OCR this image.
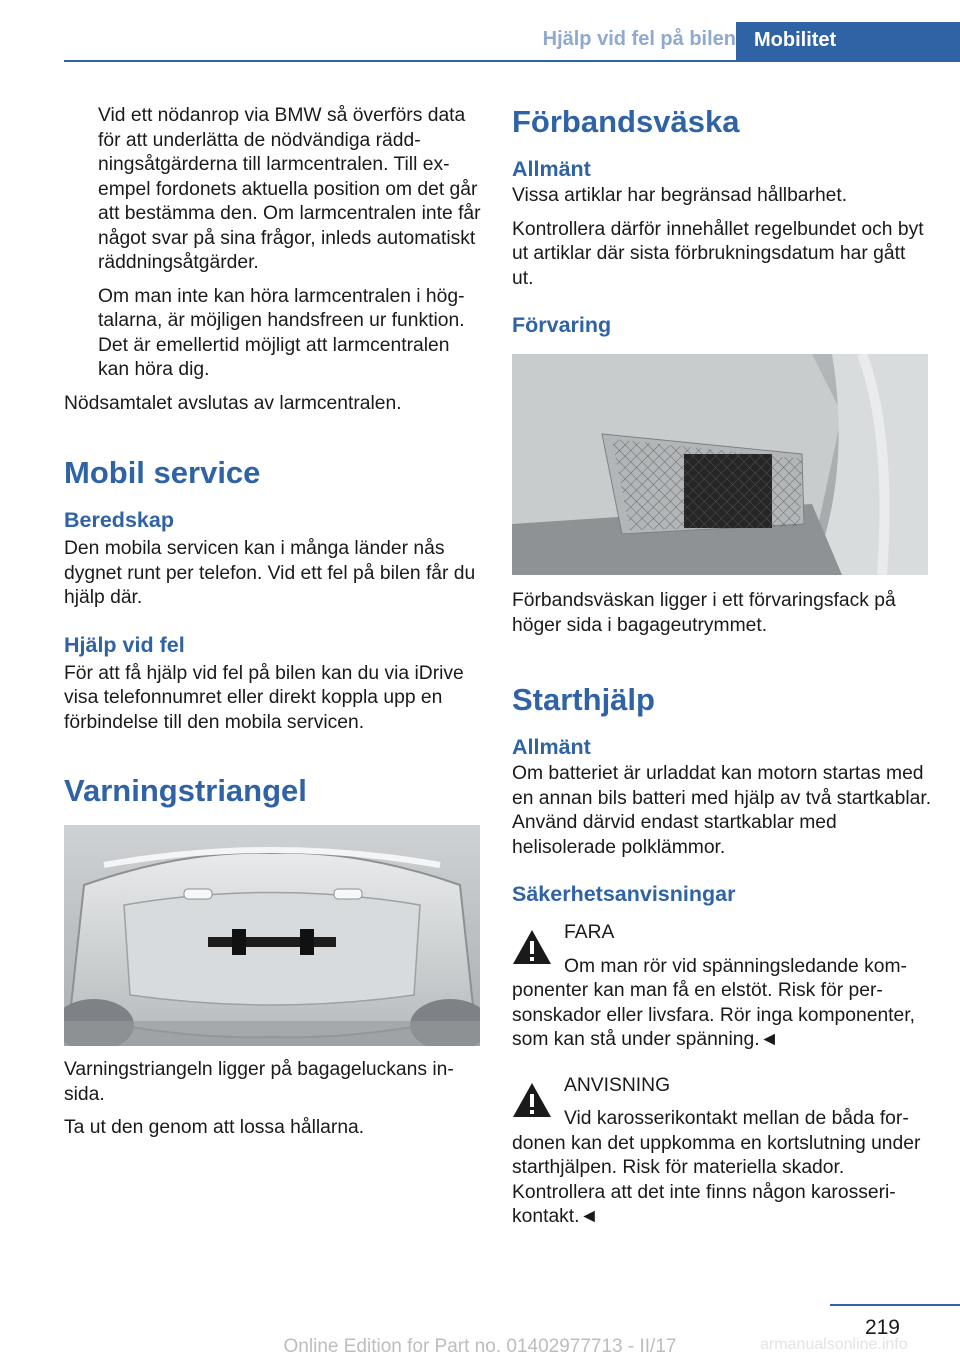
Hjälp vid fel på bilen Mobilitet

Vid ett nödanrop via BMW så överförs data för att underlätta de nödvändiga räddningsåtgärderna till larmcentralen. Till exempel fordonets aktuella position om det går att bestämma den. Om larmcentralen inte får något svar på sina frågor, inleds automatiskt räddningsåtgärder.

Om man inte kan höra larmcentralen i högtalarna, är möjligen handsfreen ur funktion. Det är emellertid möjligt att larmcentralen kan höra dig.

Nödsamtalet avslutas av larmcentralen.

Mobil service
Beredskap

Den mobila servicen kan i många länder nås dygnet runt per telefon. Vid ett fel på bilen får du hjälp där.

Hjälp vid fel

För att få hjälp vid fel på bilen kan du via iDrive visa telefonnumret eller direkt koppla upp en förbindelse till den mobila servicen.

Varningstriangel

Varningstriangeln ligger på bagageluckans insida.

Ta ut den genom att lossa hållarna.

Förbandsväska
Allmänt

Vissa artiklar har begränsad hållbarhet.

Kontrollera därför innehållet regelbundet och byt ut artiklar där sista förbrukningsdatum har gått ut.

Förvaring

Förbandsväskan ligger i ett förvaringsfack på höger sida i bagageutrymmet.

Starthjälp
Allmänt

Om batteriet är urladdat kan motorn startas med en annan bils batteri med hjälp av två startkablar. Använd därvid endast startkablar med helisolerade polklämmor.

Säkerhetsanvisningar

FARA

Om man rör vid spänningsledande komponenter kan man få en elstöt. Risk för personskador eller livsfara. Rör inga komponenter, som kan stå under spänning.◄

ANVISNING

Vid karosserikontakt mellan de båda fordonen kan det uppkomma en kortslutning under starthjälpen. Risk för materiella skador. Kontrollera att det inte finns någon karosserikontakt.◄

219
Online Edition for Part no. 01402977713 - II/17	armanualsonline.info
